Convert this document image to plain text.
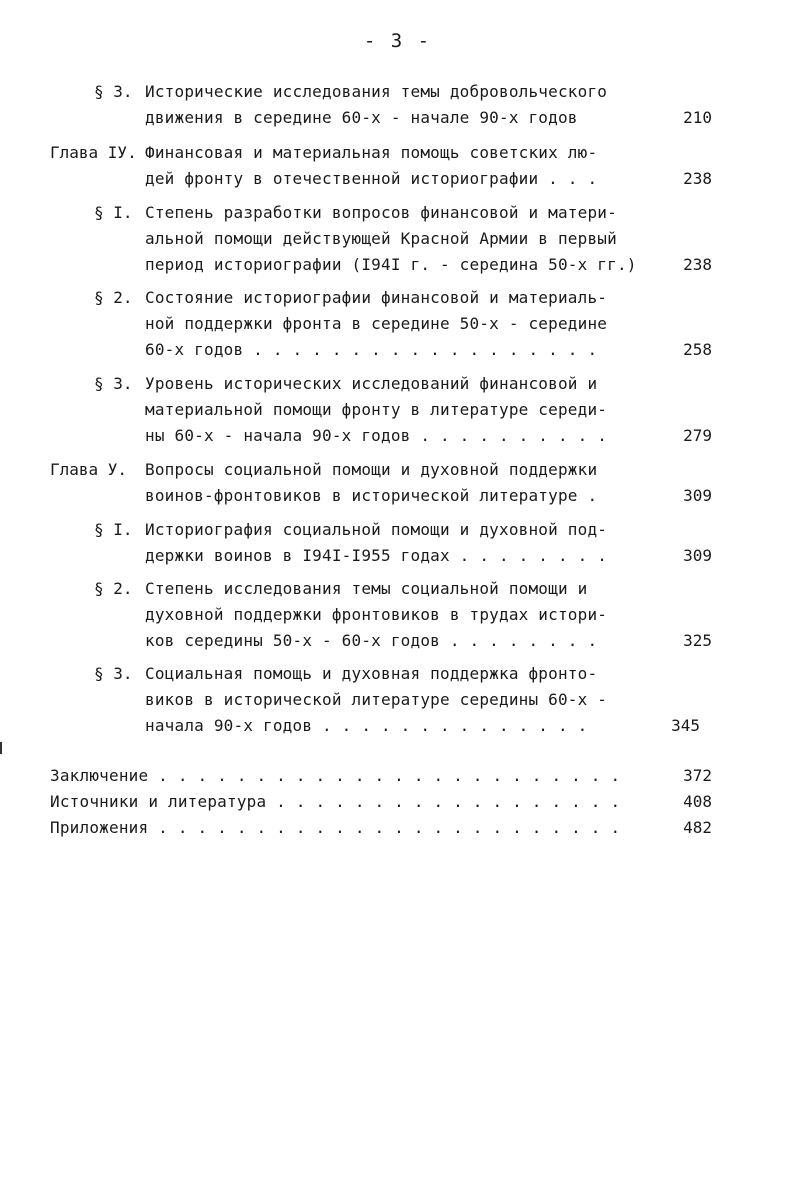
- 3 -
§ 3. Исторические исследования темы добровольческого
движения в середине 60-х - начале 90-х годов	210
Глава IУ. Финансовая и материальная помощь советских лю-
дей фронту в отечественной историографии . . .	238
§ I. Степень разработки вопросов финансовой и матери-
альной помощи действующей Красной Армии в первый
период историографии (I94I г. - середина 50-х гг.)	238
§ 2. Состояние историографии финансовой и материаль-
ной поддержки фронта в середине 50-х - середине
60-х годов . . . . . . . . . . . . . . . . . .	258
§ 3. Уровень исторических исследований финансовой и
материальной помощи фронту в литературе середи-
ны 60-х - начала 90-х годов . . . . . . . . . .	279
Глава У. Вопросы социальной помощи и духовной поддержки
воинов-фронтовиков в исторической литературе .	309
§ I. Историография социальной помощи и духовной под-
держки воинов в I94I-I955 годах . . . . . . . .	309
§ 2. Степень исследования темы социальной помощи и
духовной поддержки фронтовиков в трудах истори-
ков середины 50-х - 60-х годов . . . . . . . .	325
§ 3. Социальная помощь и духовная поддержка фронто-
виков в исторической литературе середины 60-х -
начала 90-х годов . . . . . . . . . . . . . .	345
Заключение . . . . . . . . . . . . . . . . . . . . . . . .	372
Источники и литература . . . . . . . . . . . . . . . . . .	408
Приложения . . . . . . . . . . . . . . . . . . . . . . . .	482
